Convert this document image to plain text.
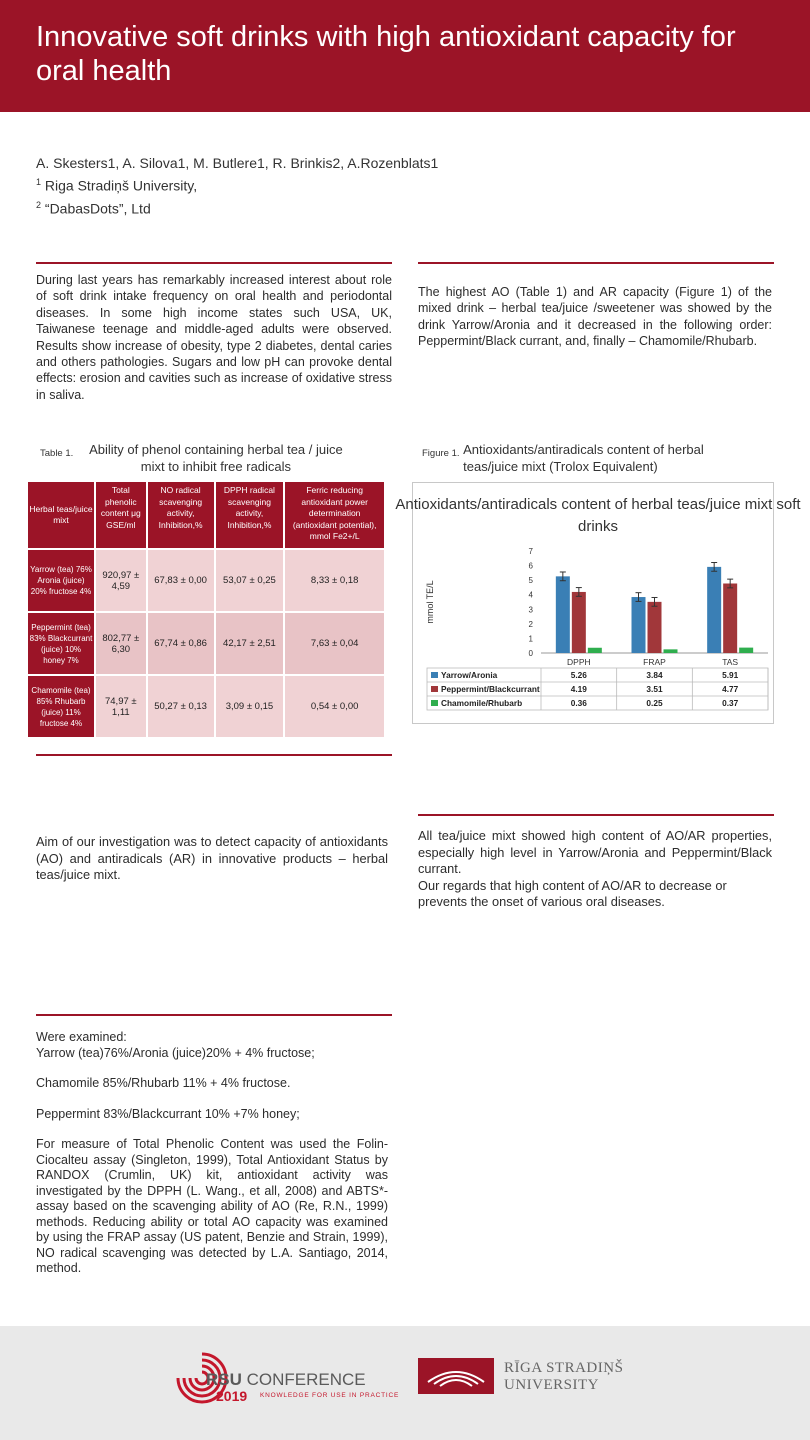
Innovative soft drinks with high antioxidant capacity for oral health
A. Skesters1, A. Silova1, M. Butlere1, R. Brinkis2, A.Rozenblats1
$^1$ Riga Stradiņš University,
$^2$ “DabasDots”, Ltd
During last years has remarkably increased interest about role of soft drink intake frequency on oral health and periodontal diseases. In some high income states such USA, UK, Taiwanese teenage and middle-aged adults were observed. Results show increase of obesity, type 2 diabetes, dental caries and others pathologies. Sugars and low pH can provoke dental effects: erosion and cavities such as increase of oxidative stress in saliva.
Table 1. Ability of phenol containing herbal tea / juice mixt to inhibit free radicals
Herbal teas/juice mixt	Total phenolic content μg GSE/ml	NO radical scavenging activity, Inhibition,%	DPPH radical scavenging activity, Inhibition,%	Ferric reducing antioxidant power determination (antioxidant potential), mmol Fe2+/L
Yarrow (tea) 76% Aronia (juice) 20% fructose 4%	920,97 ± 4,59	67,83 ± 0,00	53,07 ± 0,25	8,33 ± 0,18
Peppermint (tea) 83% Blackcurrant (juice) 10% honey 7%	802,77 ± 6,30	67,74 ± 0,86	42,17 ± 2,51	7,63 ± 0,04
Chamomile (tea) 85% Rhubarb (juice) 11% fructose 4%	74,97 ± 1,11	50,27 ± 0,13	3,09 ± 0,15	0,54 ± 0,00
Aim of our investigation was to detect capacity of antioxidants (AO) and antiradicals (AR) in innovative products – herbal teas/juice mixt.
Were examined:
Yarrow (tea)76%/Aronia (juice)20% + 4% fructose;
Chamomile 85%/Rhubarb 11% + 4% fructose.
Peppermint 83%/Blackcurrant 10% +7% honey;
For measure of Total Phenolic Content was used the Folin-Ciocalteu assay (Singleton, 1999), Total Antioxidant Status by RANDOX (Crumlin, UK) kit, antioxidant activity was investigated by the DPPH (L. Wang., et all, 2008) and ABTS*- assay based on the scavenging ability of AO (Re, R.N., 1999) methods. Reducing ability or total AO capacity was examined by using the FRAP assay (US patent, Benzie and Strain, 1999), NO radical scavenging was detected by L.A. Santiago, 2014, method.
The highest AO (Table 1) and AR capacity (Figure 1) of the mixed drink – herbal tea/juice /sweetener was showed by the drink Yarrow/Aronia and it decreased in the following order: Peppermint/Black currant, and, finally – Chamomile/Rhubarb.
Figure 1. Antioxidants/antiradicals content of herbal teas/juice mixt (Trolox Equivalent)
Antioxidants/antiradicals content of herbal teas/juice mixt soft
drinks
mmol TE/L
0
1
2
3
4
5
6
7
DPPH	FRAP	TAS
Yarrow/Aronia	5.26	3.84	5.91
Peppermint/Blackcurrant	4.19	3.51	4.77
Chamomile/Rhubarb	0.36	0.25	0.37
All tea/juice mixt showed high content of AO/AR properties, especially high level in Yarrow/Aronia and Peppermint/Black currant.
Our regards that high content of AO/AR to decrease or prevents the onset of various oral diseases.
RSU CONFERENCE
2019 KNOWLEDGE FOR USE IN PRACTICE
RĪGA STRADIŅŠ
UNIVERSITY
